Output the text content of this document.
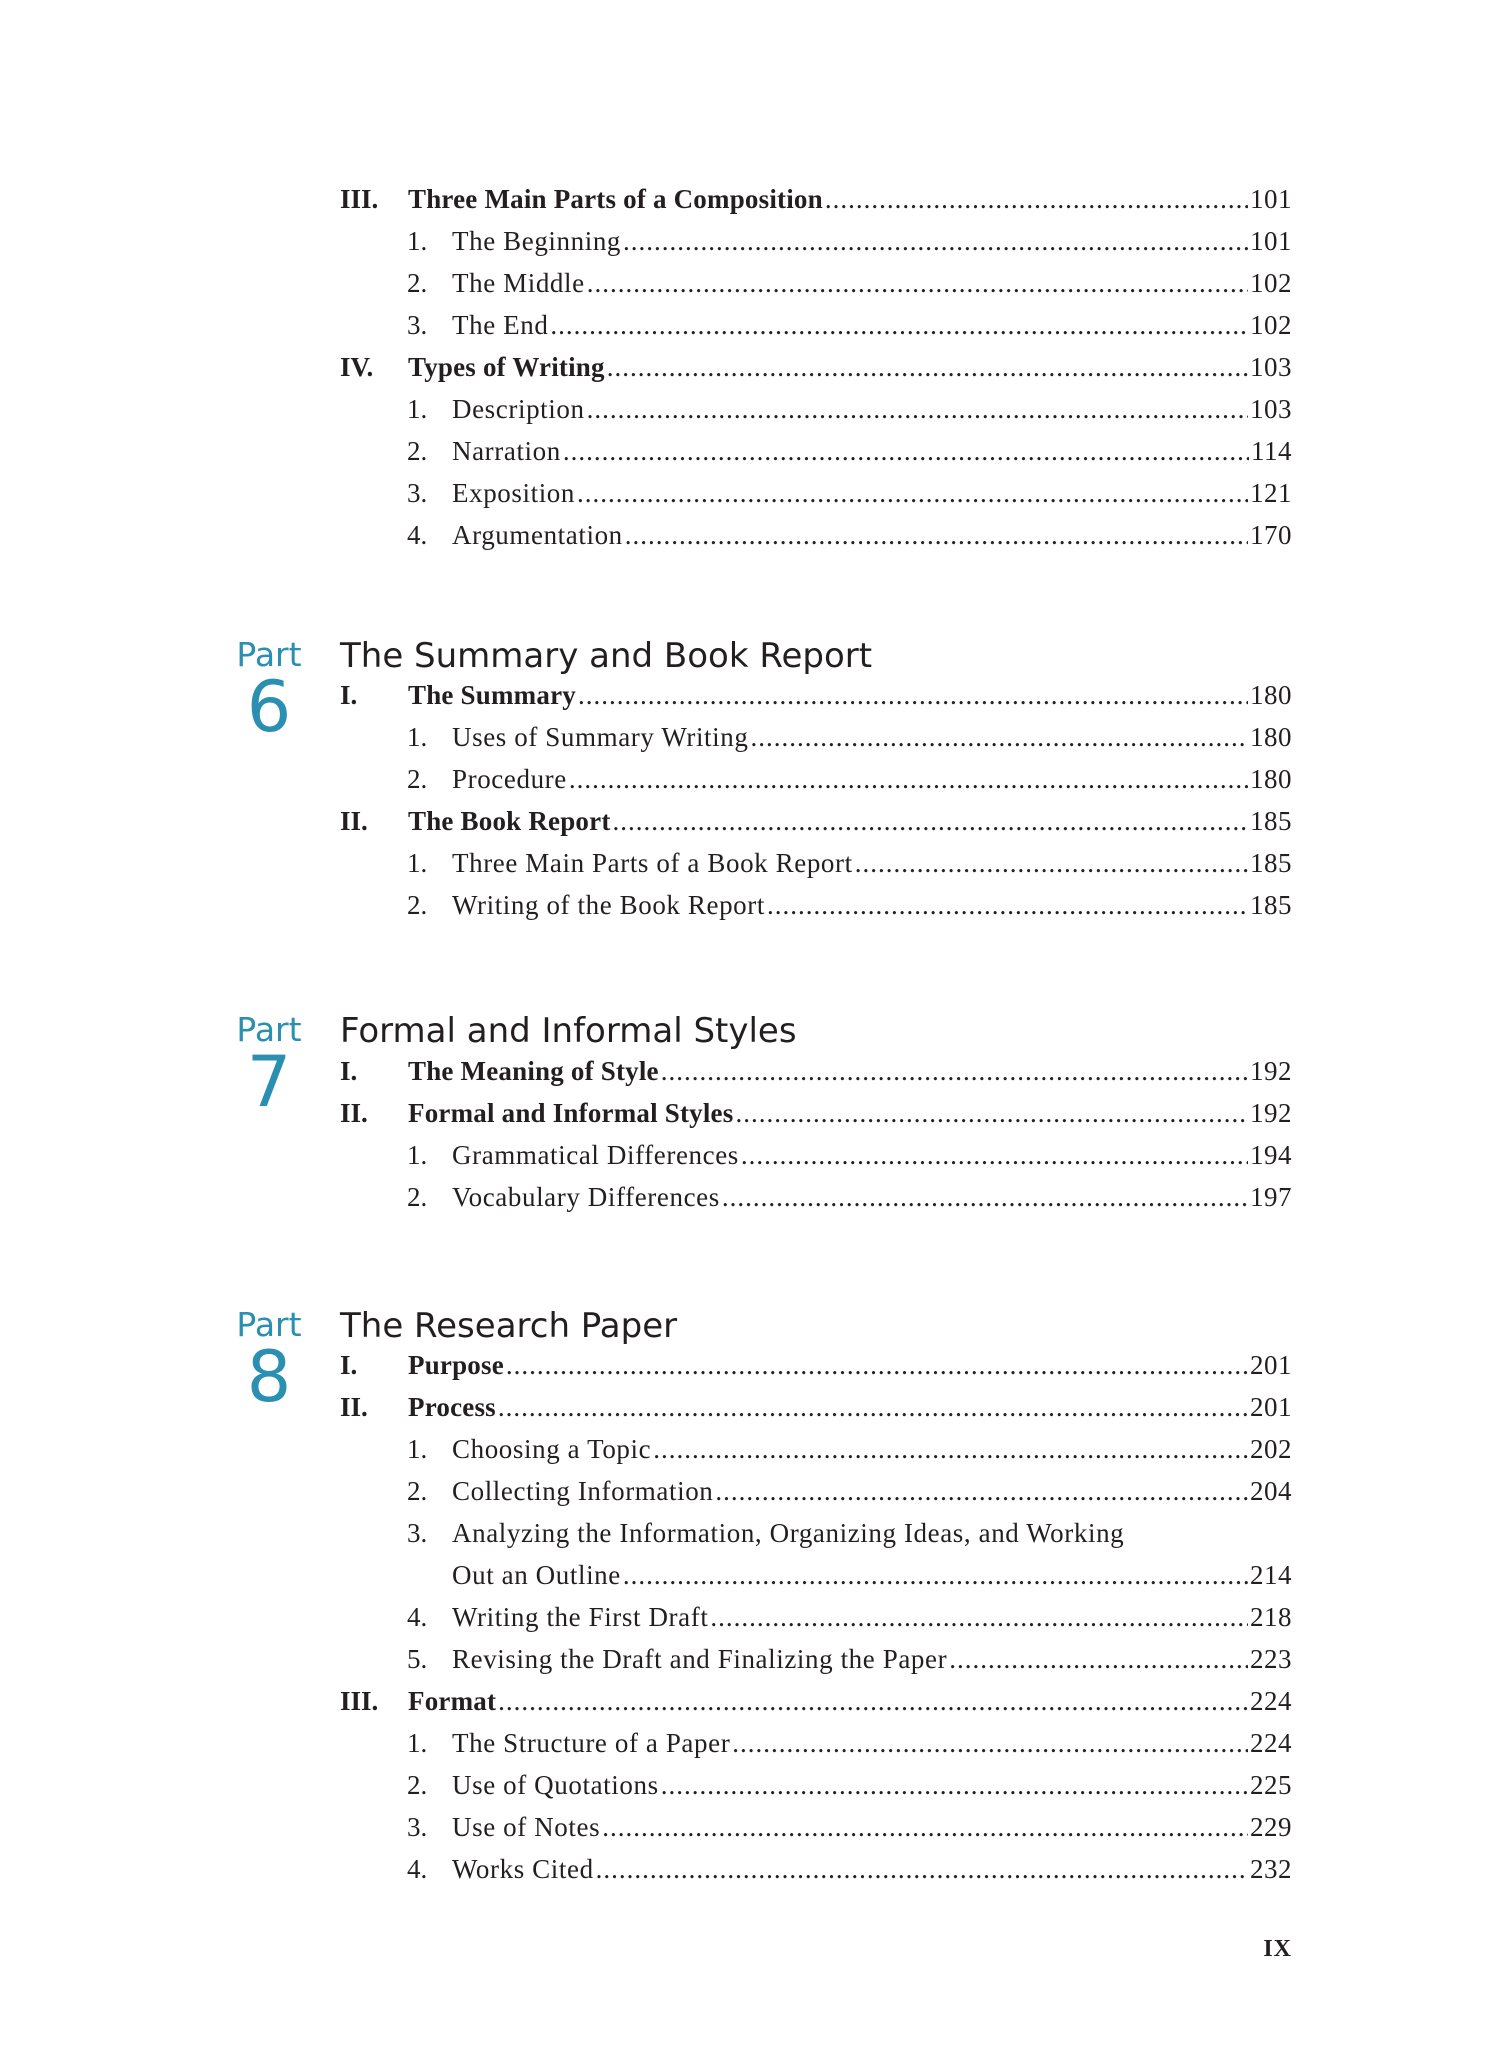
III. Three Main Parts of a Composition .....	101
1. The Beginning .....	101
2. The Middle .....	102
3. The End .....	102
IV. Types of Writing .....	103
1. Description .....	103
2. Narration .....	114
3. Exposition .....	121
4. Argumentation .....	170
Part
6
The Summary and Book Report
I. The Summary .....	180
1. Uses of Summary Writing .....	180
2. Procedure .....	180
II. The Book Report .....	185
1. Three Main Parts of a Book Report .....	185
2. Writing of the Book Report .....	185
Part
7
Formal and Informal Styles
I. The Meaning of Style .....	192
II. Formal and Informal Styles .....	192
1. Grammatical Differences .....	194
2. Vocabulary Differences .....	197
Part
8
The Research Paper
I. Purpose .....	201
II. Process .....	201
1. Choosing a Topic .....	202
2. Collecting Information .....	204
3. Analyzing the Information, Organizing Ideas, and Working
Out an Outline .....	214
4. Writing the First Draft .....	218
5. Revising the Draft and Finalizing the Paper .....	223
III. Format .....	224
1. The Structure of a Paper .....	224
2. Use of Quotations .....	225
3. Use of Notes .....	229
4. Works Cited .....	232
IX
